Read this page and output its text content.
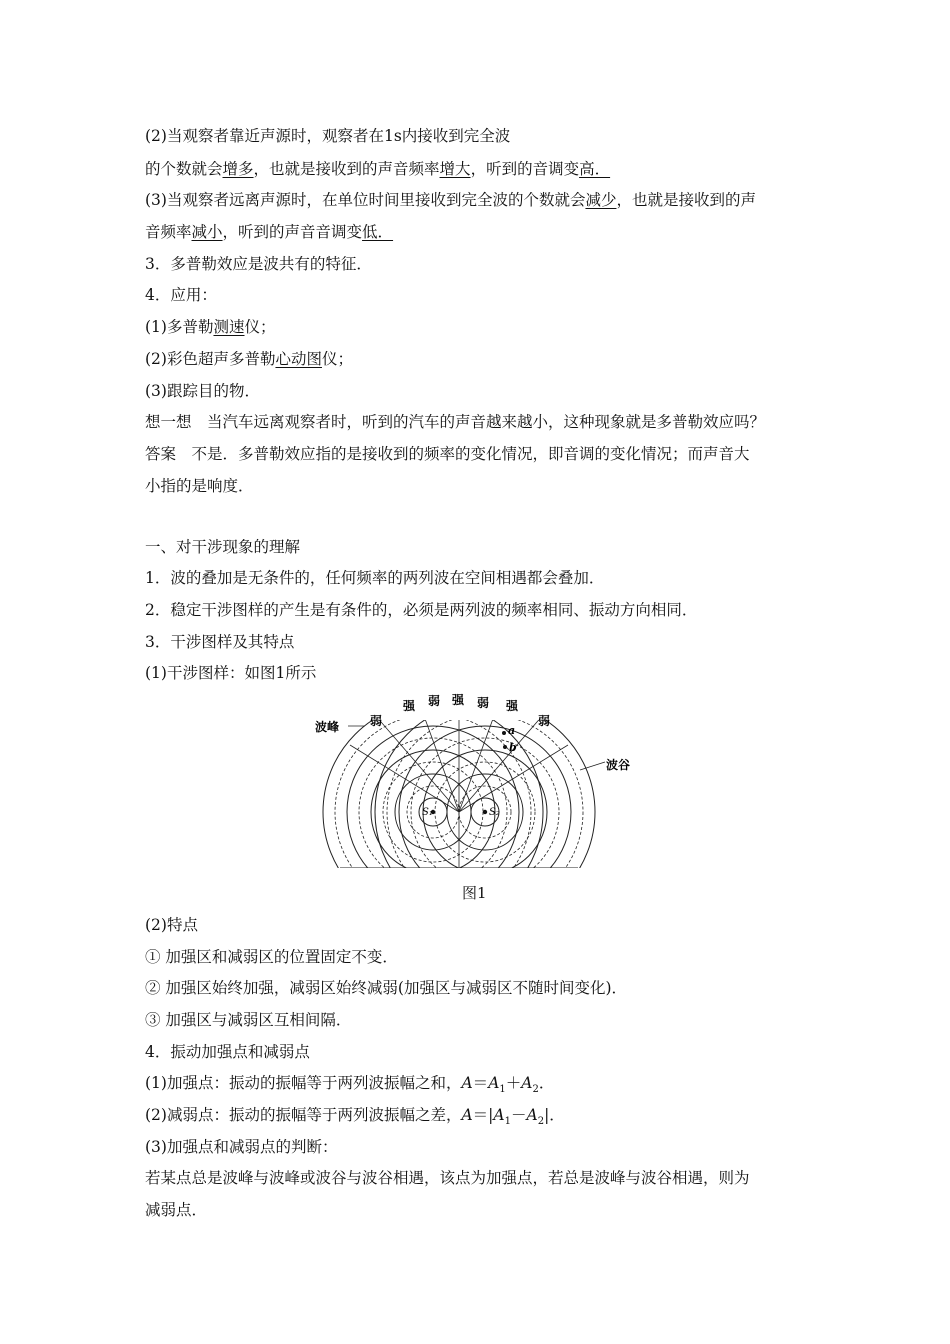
(2)当观察者靠近声源时，观察者在1s内接收到完全波
的个数就会增多，也就是接收到的声音频率增大，听到的音调变高．
(3)当观察者远离声源时，在单位时间里接收到完全波的个数就会减少，也就是接收到的声
音频率减小，听到的声音音调变低．
3．多普勒效应是波共有的特征．
4．应用：
(1)多普勒测速仪；
(2)彩色超声多普勒心动图仪；
(3)跟踪目的物．
想一想　当汽车远离观察者时，听到的汽车的声音越来越小，这种现象就是多普勒效应吗？
答案　不是．多普勒效应指的是接收到的频率的变化情况，即音调的变化情况；而声音大
小指的是响度．
一、对干涉现象的理解
1．波的叠加是无条件的，任何频率的两列波在空间相遇都会叠加．
2．稳定干涉图样的产生是有条件的，必须是两列波的频率相同、振动方向相同．
3．干涉图样及其特点
(1)干涉图样：如图1所示
弱
强 弱 强 弱 强
弱
波峰
波谷
a
b
S₁	S₂
图1
(2)特点
① 加强区和减弱区的位置固定不变．
② 加强区始终加强，减弱区始终减弱(加强区与减弱区不随时间变化)．
③ 加强区与减弱区互相间隔．
4．振动加强点和减弱点
(1)加强点：振动的振幅等于两列波振幅之和，$A=A_1+A_2$．
(2)减弱点：振动的振幅等于两列波振幅之差，$A=|A_1-A_2|$．
(3)加强点和减弱点的判断：
若某点总是波峰与波峰或波谷与波谷相遇，该点为加强点，若总是波峰与波谷相遇，则为
减弱点．
